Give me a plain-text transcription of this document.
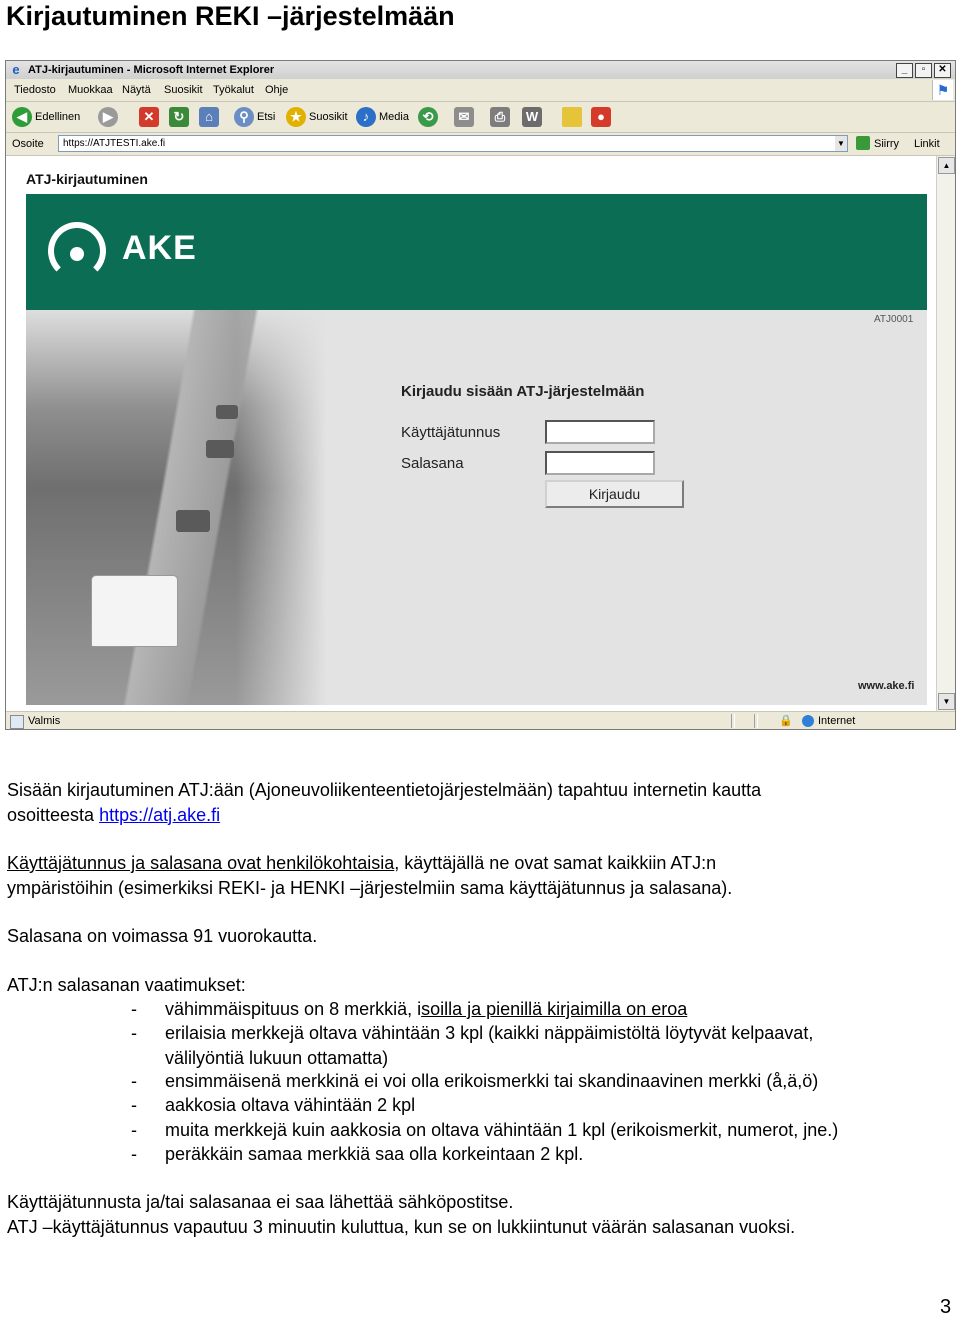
Kirjautuminen REKI –järjestelmään
e ATJ-kirjautuminen - Microsoft Internet Explorer	_	▫	✕
Tiedosto Muokkaa Näytä Suosikit Työkalut Ohje	⚑
◀ Edellinen	▶	✕	↻	⌂	⚲ Etsi	★ Suosikit	♪ Media	⟲	✉	⎙	W	●
Osoite	https://ATJTESTI.ake.fi	▼	Siirry Linkit
ATJ-kirjautuminen
AKE
ATJ0001
Kirjaudu sisään ATJ-järjestelmään
Käyttäjätunnus
Salasana
Kirjaudu
www.ake.fi
▲
▼
Valmis	🔒 Internet
Sisään kirjautuminen ATJ:ään (Ajoneuvoliikenteentietojärjestelmään) tapahtuu internetin kautta
osoitteesta https://atj.ake.fi
Käyttäjätunnus ja salasana ovat henkilökohtaisia, käyttäjällä ne ovat samat kaikkiin ATJ:n
ympäristöihin (esimerkiksi REKI- ja HENKI –järjestelmiin sama käyttäjätunnus ja salasana).
Salasana on voimassa 91 vuorokautta.
ATJ:n salasanan vaatimukset:
- vähimmäispituus on 8 merkkiä, isoilla ja pienillä kirjaimilla on eroa
- erilaisia merkkejä oltava vähintään 3 kpl (kaikki näppäimistöltä löytyvät kelpaavat,
välilyöntiä lukuun ottamatta)
- ensimmäisenä merkkinä ei voi olla erikoismerkki tai skandinaavinen merkki (å,ä,ö)
- aakkosia oltava vähintään 2 kpl
- muita merkkejä kuin aakkosia on oltava vähintään 1 kpl (erikoismerkit, numerot, jne.)
- peräkkäin samaa merkkiä saa olla korkeintaan 2 kpl.
Käyttäjätunnusta ja/tai salasanaa ei saa lähettää sähköpostitse.
ATJ –käyttäjätunnus vapautuu 3 minuutin kuluttua, kun se on lukkiintunut väärän salasanan vuoksi.
3
